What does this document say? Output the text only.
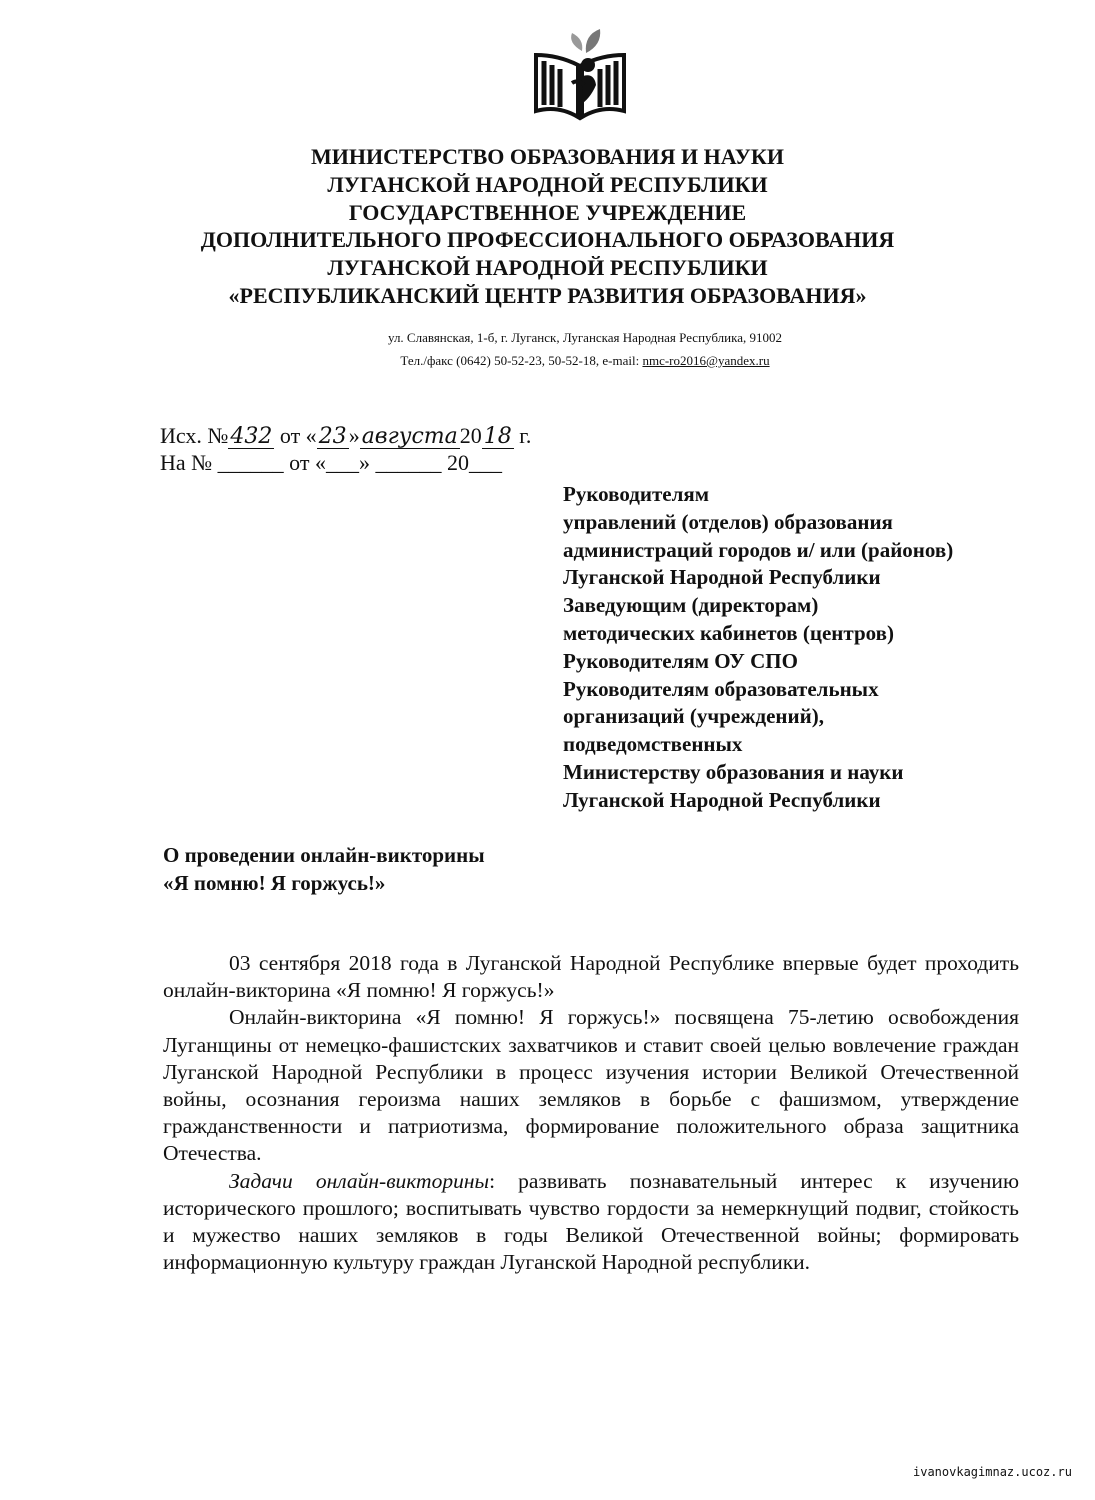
МИНИСТЕРСТВО ОБРАЗОВАНИЯ И НАУКИ
ЛУГАНСКОЙ НАРОДНОЙ РЕСПУБЛИКИ
ГОСУДАРСТВЕННОЕ УЧРЕЖДЕНИЕ
ДОПОЛНИТЕЛЬНОГО ПРОФЕССИОНАЛЬНОГО ОБРАЗОВАНИЯ
ЛУГАНСКОЙ НАРОДНОЙ РЕСПУБЛИКИ
«РЕСПУБЛИКАНСКИЙ ЦЕНТР РАЗВИТИЯ ОБРАЗОВАНИЯ»
ул. Славянская, 1-б, г. Луганск, Луганская Народная Республика, 91002
Тел./факс (0642) 50-52-23, 50-52-18, e-mail: nmc-ro2016@yandex.ru
Исх. №432 от «23»августа2018 г.
На № ______ от «___» ______ 20___
Руководителям
управлений (отделов) образования
администраций городов и/ или (районов)
Луганской Народной Республики
Заведующим (директорам)
методических кабинетов (центров)
Руководителям ОУ СПО
Руководителям образовательных
организаций (учреждений),
подведомственных
Министерству образования и науки
Луганской Народной Республики
О проведении онлайн-викторины
«Я помню! Я горжусь!»

03 сентября 2018 года в Луганской Народной Республике впервые будет проходить онлайн-викторина «Я помню! Я горжусь!»

Онлайн-викторина «Я помню! Я горжусь!» посвящена 75-летию освобождения Луганщины от немецко-фашистских захватчиков и ставит своей целью вовлечение граждан Луганской Народной Республики в процесс изучения истории Великой Отечественной войны, осознания героизма наших земляков в борьбе с фашизмом, утверждение гражданственности и патриотизма, формирование положительного образа защитника Отечества.

Задачи онлайн-викторины: развивать познавательный интерес к изучению исторического прошлого; воспитывать чувство гордости за немеркнущий подвиг, стойкость и мужество наших земляков в годы Великой Отечественной войны; формировать информационную культуру граждан Луганской Народной республики.

ivanovkagimnaz.ucoz.ru
